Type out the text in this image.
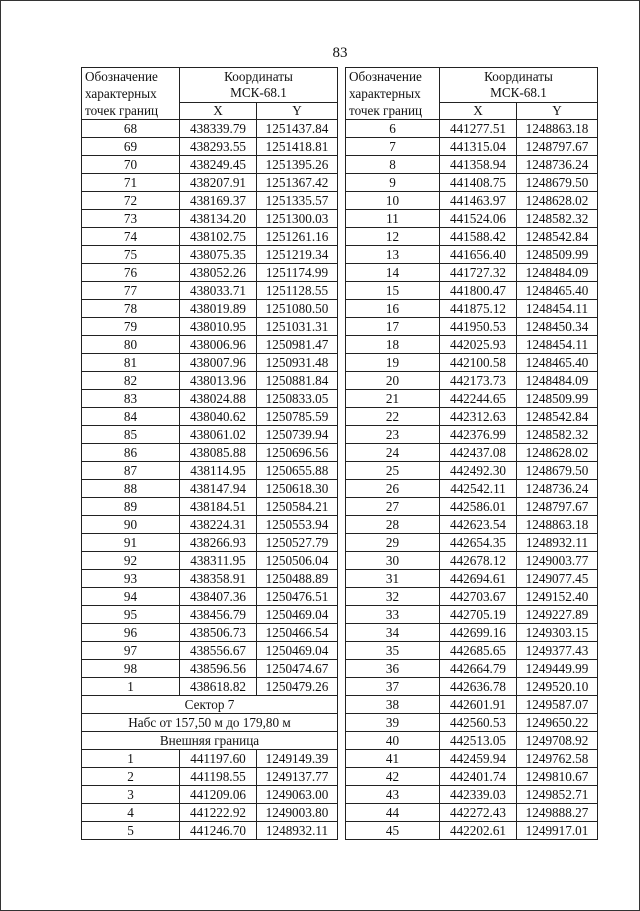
83
Обозначение характерных точек границ	Координаты
МСК-68.1	

	X	Y

68	438339.79	1251437.84
69	438293.55	1251418.81
70	438249.45	1251395.26
71	438207.91	1251367.42
72	438169.37	1251335.57
73	438134.20	1251300.03
74	438102.75	1251261.16
75	438075.35	1251219.34
76	438052.26	1251174.99
77	438033.71	1251128.55
78	438019.89	1251080.50
79	438010.95	1251031.31
80	438006.96	1250981.47
81	438007.96	1250931.48
82	438013.96	1250881.84
83	438024.88	1250833.05
84	438040.62	1250785.59
85	438061.02	1250739.94
86	438085.88	1250696.56
87	438114.95	1250655.88
88	438147.94	1250618.30
89	438184.51	1250584.21
90	438224.31	1250553.94
91	438266.93	1250527.79
92	438311.95	1250506.04
93	438358.91	1250488.89
94	438407.36	1250476.51
95	438456.79	1250469.04
96	438506.73	1250466.54
97	438556.67	1250469.04
98	438596.56	1250474.67
1	438618.82	1250479.26
Сектор 7		
Набс от 157,50 м до 179,80 м		
Внешняя граница		
1	441197.60	1249149.39
2	441198.55	1249137.77
3	441209.06	1249063.00
4	441222.92	1249003.80
5	441246.70	1248932.11
Обозначение характерных точек границ	Координаты
МСК-68.1	

	X	Y

6	441277.51	1248863.18
7	441315.04	1248797.67
8	441358.94	1248736.24
9	441408.75	1248679.50
10	441463.97	1248628.02
11	441524.06	1248582.32
12	441588.42	1248542.84
13	441656.40	1248509.99
14	441727.32	1248484.09
15	441800.47	1248465.40
16	441875.12	1248454.11
17	441950.53	1248450.34
18	442025.93	1248454.11
19	442100.58	1248465.40
20	442173.73	1248484.09
21	442244.65	1248509.99
22	442312.63	1248542.84
23	442376.99	1248582.32
24	442437.08	1248628.02
25	442492.30	1248679.50
26	442542.11	1248736.24
27	442586.01	1248797.67
28	442623.54	1248863.18
29	442654.35	1248932.11
30	442678.12	1249003.77
31	442694.61	1249077.45
32	442703.67	1249152.40
33	442705.19	1249227.89
34	442699.16	1249303.15
35	442685.65	1249377.43
36	442664.79	1249449.99
37	442636.78	1249520.10
38	442601.91	1249587.07
39	442560.53	1249650.22
40	442513.05	1249708.92
41	442459.94	1249762.58
42	442401.74	1249810.67
43	442339.03	1249852.71
44	442272.43	1249888.27
45	442202.61	1249917.01
